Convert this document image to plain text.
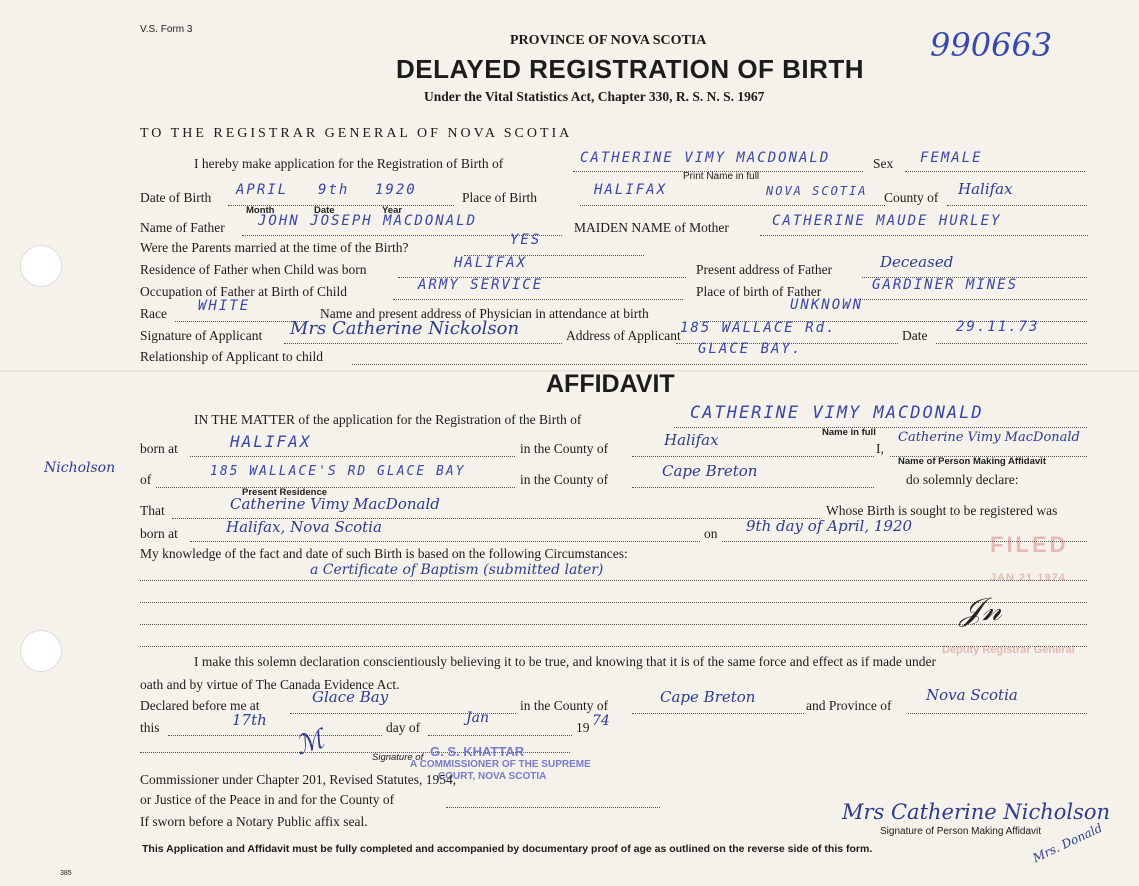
V.S. Form 3
PROVINCE OF NOVA SCOTIA
DELAYED REGISTRATION OF BIRTH
Under the Vital Statistics Act, Chapter 330, R. S. N. S. 1967
990663
TO THE REGISTRAR GENERAL OF NOVA SCOTIA
I hereby make application for the Registration of Birth of	CATHERINE VIMY MACDONALD
Print Name in full
Sex FEMALE
Date of Birth APRIL 9th 1920
Month	Date	Year
Place of Birth	HALIFAX	NOVA SCOTIA County of Halifax
Name of Father JOHN JOSEPH MACDONALD	MAIDEN NAME of Mother	CATHERINE MAUDE HURLEY
Were the Parents married at the time of the Birth?	YES
Residence of Father when Child was born	HALIFAX	Present address of Father	Deceased
Occupation of Father at Birth of Child	ARMY SERVICE	Place of birth of Father	GARDINER MINES
Race WHITE	Name and present address of Physician in attendance at birth
UNKNOWN
Signature of Applicant Mrs Catherine Nickolson	Address of Applicant 185 WALLACE Rd.	Date
29.11.73
Relationship of Applicant to child	GLACE BAY.
AFFIDAVIT
IN THE MATTER of the application for the Registration of the Birth of	CATHERINE VIMY MACDONALD
Name in full
born at	HALIFAX	in the County of	Halifax	I,
Catherine Vimy MacDonald
Name of Person Making Affidavit
Nicholson
of
185 WALLACE'S RD GLACE BAY
Present Residence
in the County of	Cape Breton	do solemnly declare:
That	Catherine Vimy MacDonald	Whose Birth is sought to be registered was
born at	Halifax, Nova Scotia	on 9th day of April, 1920
My knowledge of the fact and date of such Birth is based on the following Circumstances:
a Certificate of Baptism (submitted later)
I make this solemn declaration conscientiously believing it to be true, and knowing that it is of the same force and effect as if made under
oath and by virtue of The Canada Evidence Act.
Declared before me at	Glace Bay	in the County of	Cape Breton	and Province of
Nova Scotia
this	17th	day of
Jan
19 74
ℳ	Signature of G. S. KHATTAR
A COMMISSIONER OF THE SUPREME
COURT, NOVA SCOTIA
Commissioner under Chapter 201, Revised Statutes, 1954,
or Justice of the Peace in and for the County of
If sworn before a Notary Public affix seal.
FILED
JAN 21 1974
Deputy Registrar General
𝒥𝓃
Mrs Catherine Nicholson
Signature of Person Making Affidavit
Mrs. Donald
This Application and Affidavit must be fully completed and accompanied by documentary proof of age as outlined on the reverse side of this form.
385
